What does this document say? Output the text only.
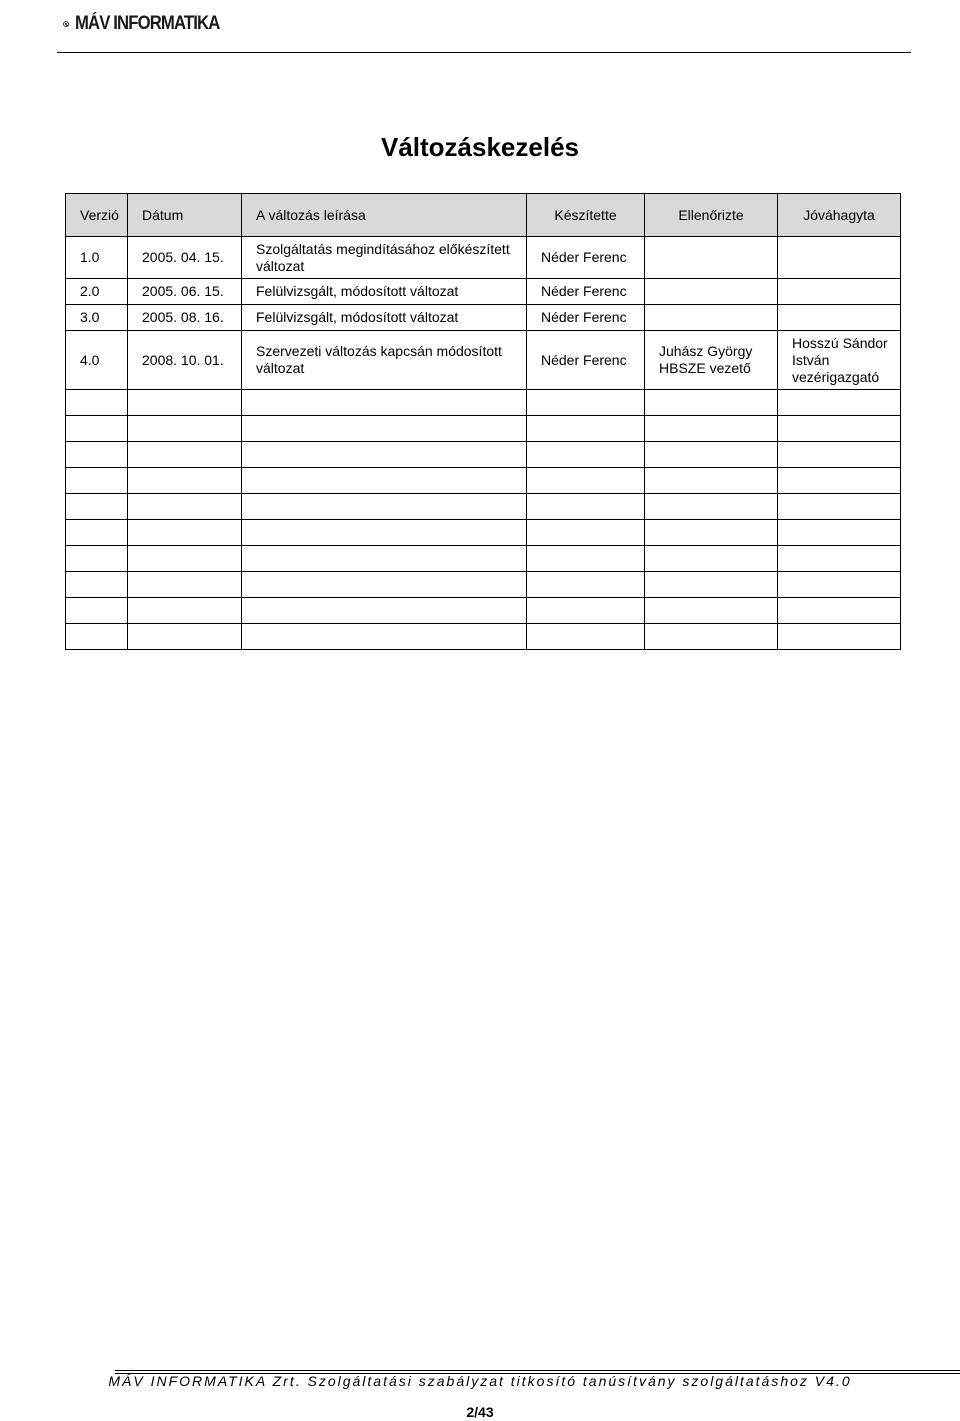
MÁV INFORMATIKA
Változáskezelés
Verzió	Dátum	A változás leírása	Készítette	Ellenőrizte	Jóváhagyta
1.0	2005. 04. 15.	Szolgáltatás megindításához előkészített változat	Néder Ferenc		
2.0	2005. 06. 15.	Felülvizsgált, módosított változat	Néder Ferenc		
3.0	2005. 08. 16.	Felülvizsgált, módosított változat	Néder Ferenc		
4.0	2008. 10. 01.	Szervezeti változás kapcsán módosított változat	Néder Ferenc	Juhász György HBSZE vezető	Hosszú Sándor István vezérigazgató

MÁV INFORMATIKA Zrt. Szolgáltatási szabályzat titkosító tanúsítvány szolgáltatáshoz V4.0
2/43
